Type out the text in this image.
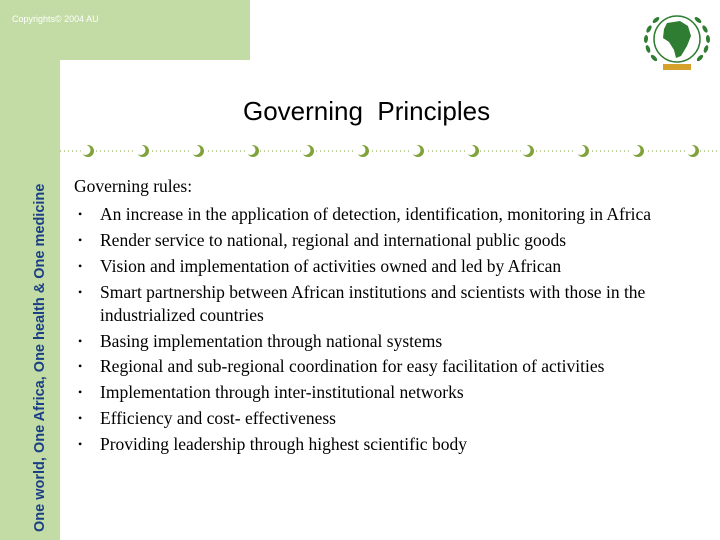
Copyrights© 2004 AU
One world, One Africa, One health & One medicine
Governing  Principles

Governing rules:

• An increase in the application of detection, identification, monitoring in Africa
• Render service to national, regional and international public goods
• Vision and implementation of activities owned and led by African
• Smart partnership between African institutions and scientists with those in the industrialized countries
• Basing implementation through national systems
• Regional and sub-regional coordination for easy facilitation of activities
• Implementation through inter-institutional networks
• Efficiency and cost- effectiveness
• Providing leadership through highest scientific body
